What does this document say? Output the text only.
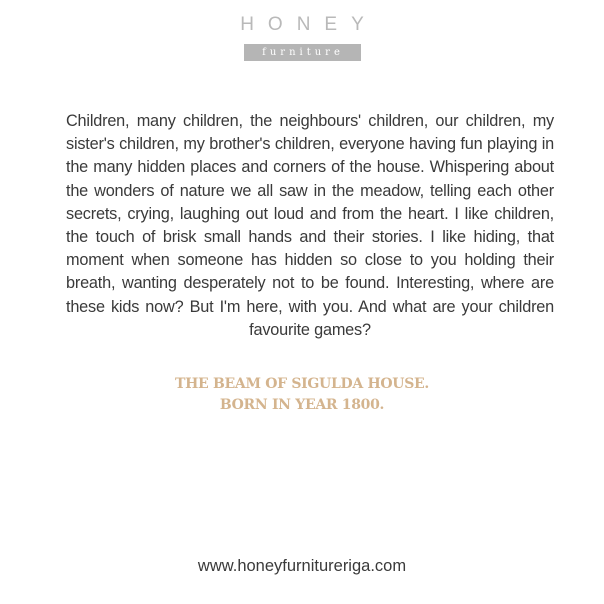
HONEY
furniture

Children, many children, the neighbours' children, our children, my sister's children, my brother's children, everyone having fun playing in the many hidden places and corners of the house. Whispering about the wonders of nature we all saw in the meadow, telling each other secrets, crying, laughing out loud and from the heart. I like children, the touch of brisk small hands and their stories. I like hiding, that moment when someone has hidden so close to you holding their breath, wanting desperately not to be found. Interesting, where are these kids now? But I'm here, with you. And what are your children favourite games?

THE BEAM OF SIGULDA HOUSE.
BORN IN YEAR 1800.
www.honeyfurnitureriga.com
